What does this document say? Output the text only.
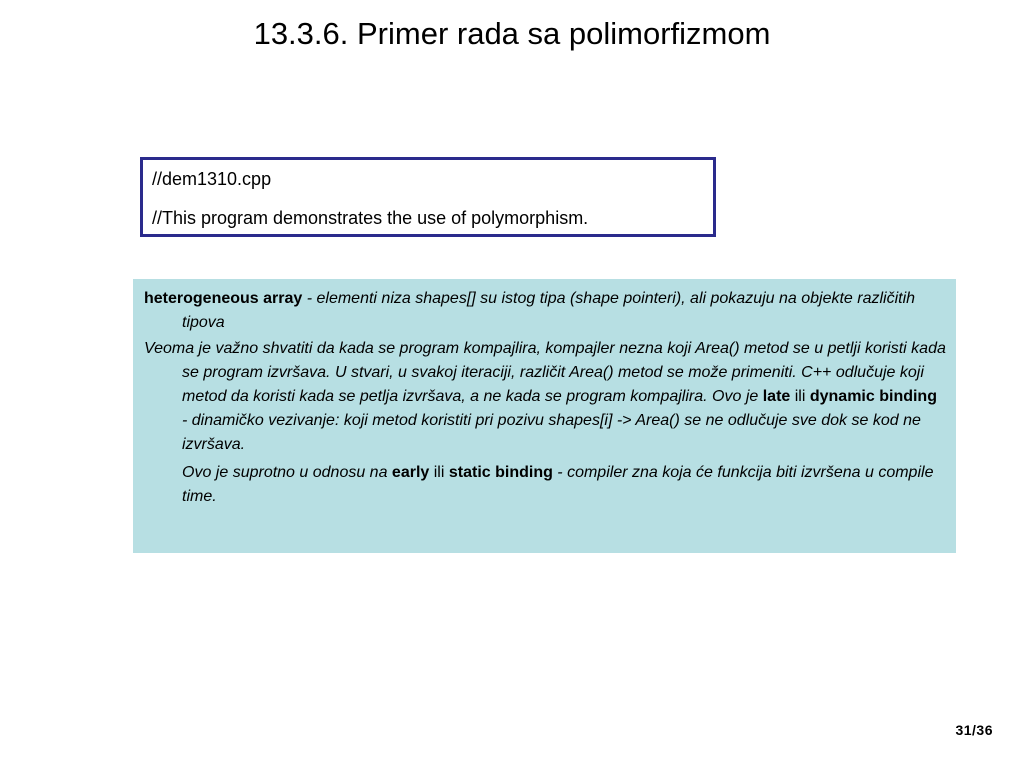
13.3.6. Primer rada sa polimorfizmom
//dem1310.cpp
//This program demonstrates the use of polymorphism.
heterogeneous array - elementi niza shapes[] su istog tipa (shape pointeri), ali pokazuju na objekte različitih tipova
Veoma je važno shvatiti da kada se program kompajlira, kompajler nezna koji Area() metod se u petlji koristi kada se program izvršava. U stvari, u svakoj iteraciji, različit Area() metod se može primeniti. C++ odlučuje koji metod da koristi kada se petlja izvršava, a ne kada se program kompajlira. Ovo je late ili dynamic binding - dinamičko vezivanje: koji metod koristiti pri pozivu shapes[i] -> Area() se ne odlučuje sve dok se kod ne izvršava.
Ovo je suprotno u odnosu na early ili static binding - compiler zna koja će funkcija biti izvršena u compile time.
31/36
